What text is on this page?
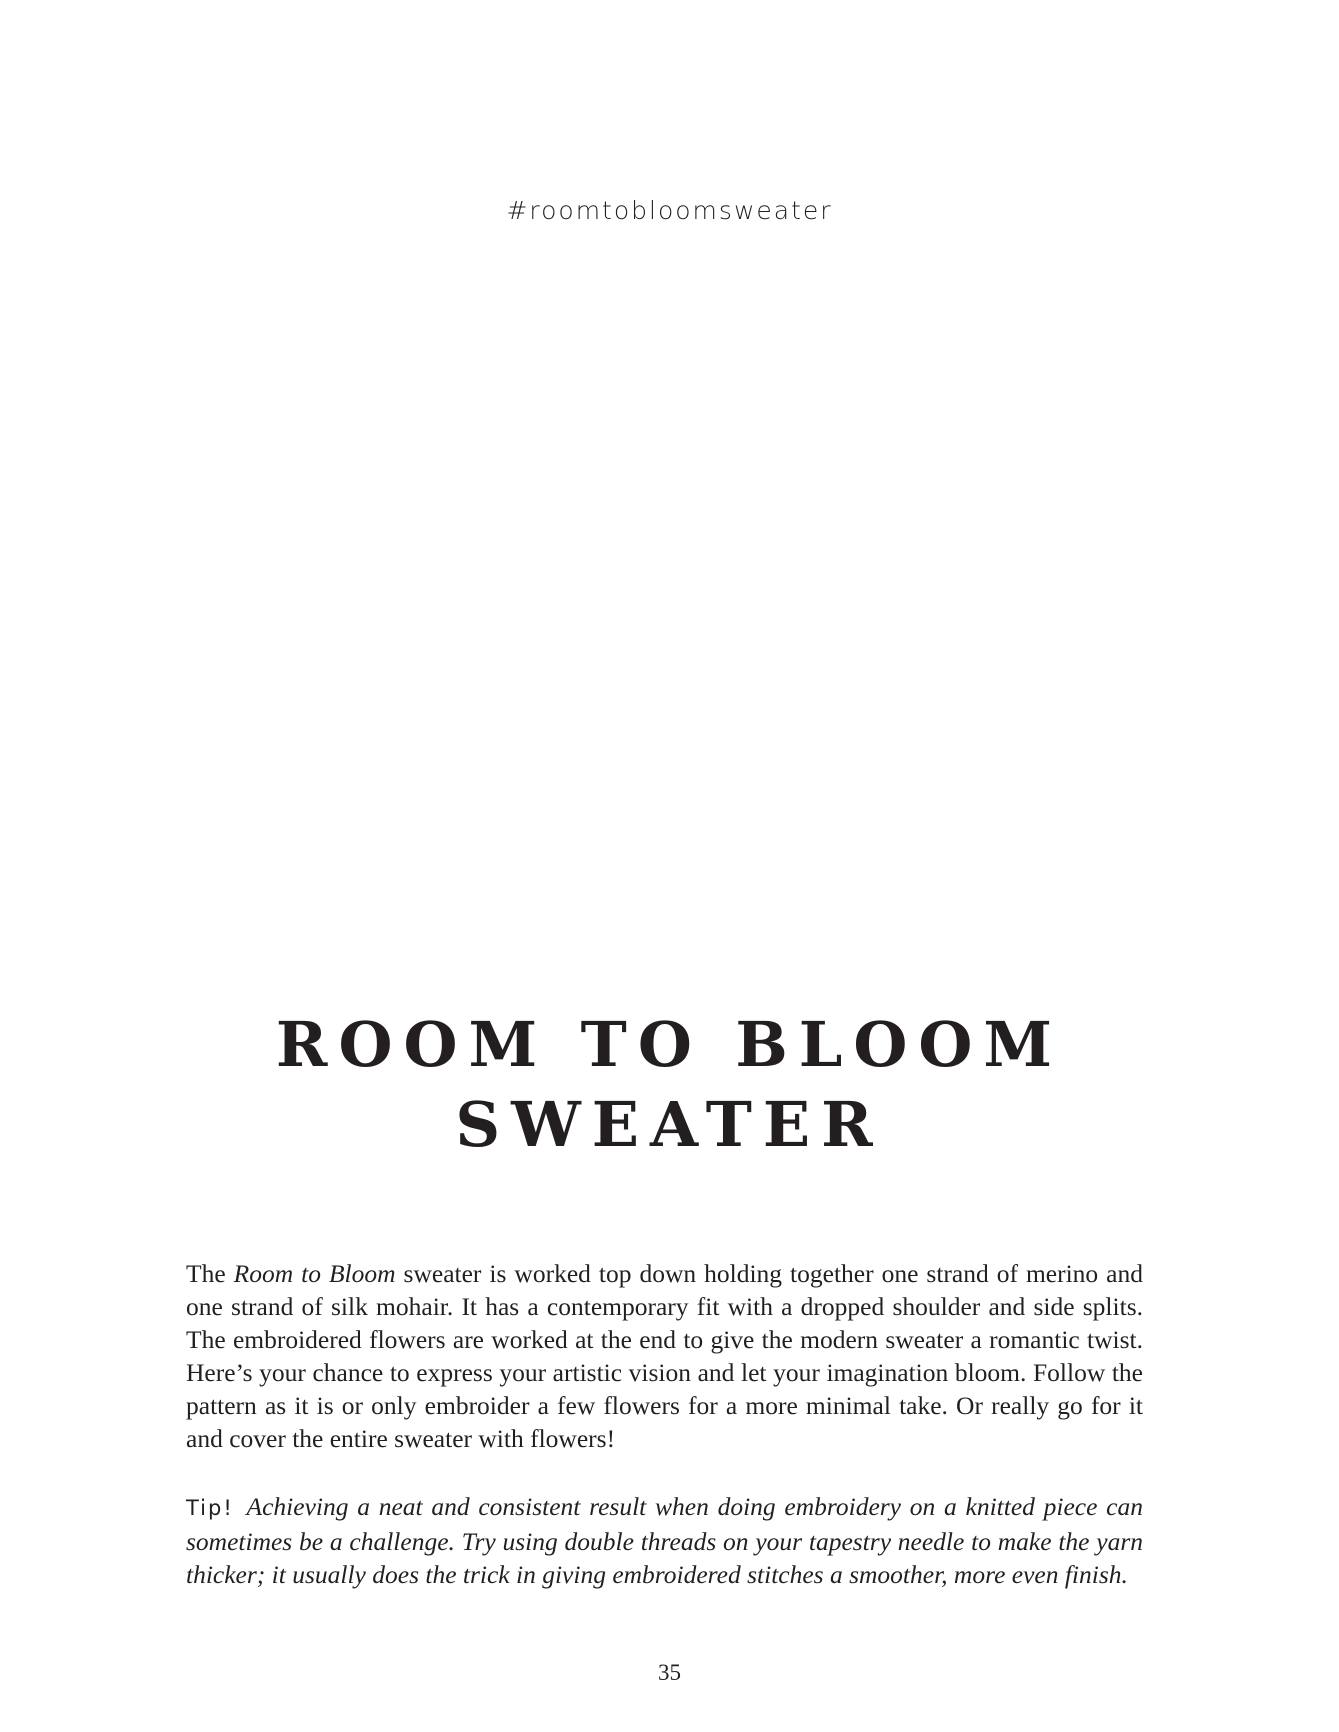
#roomtobloomsweater

ROOM TO BLOOM
SWEATER

The Room to Bloom sweater is worked top down holding together one strand of merino and one strand of silk mohair. It has a contemporary fit with a dropped shoulder and side splits. The embroidered flowers are worked at the end to give the modern sweater a romantic twist. Here’s your chance to express your artistic vision and let your imagination bloom. Follow the pattern as it is or only embroider a few flowers for a more minimal take. Or really go for it and cover the entire sweater with flowers!

Tip! Achieving a neat and consistent result when doing embroidery on a knitted piece can sometimes be a challenge. Try using double threads on your tapestry needle to make the yarn thicker; it usually does the trick in giving embroidered stitches a smoother, more even finish.

35
